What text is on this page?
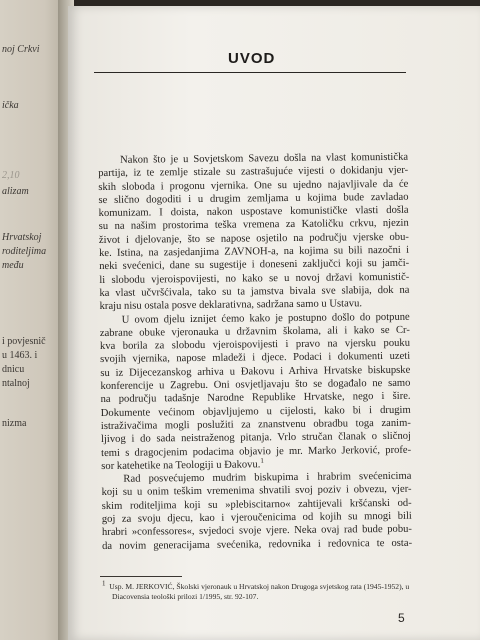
noj Crkvi
ička
2,10
alizam
Hrvatskoj
roditeljima
među
i povjesnič
u 1463. i
dnicu
ntalnoj
nizma
UVOD

Nakon što je u Sovjetskom Savezu došla na vlast komunistička
partija, iz te zemlje stizale su zastrašujuće vijesti o dokidanju vjer-
skih sloboda i progonu vjernika. One su ujedno najavljivale da će
se slično dogoditi i u drugim zemljama u kojima bude zavladao
komunizam. I doista, nakon uspostave komunističke vlasti došla
su na našim prostorima teška vremena za Katoličku crkvu, njezin
život i djelovanje, što se napose osjetilo na području vjerske obu-
ke. Istina, na zasjedanjima ZAVNOH-a, na kojima su bili nazočni i
neki svećenici, dane su sugestije i doneseni zaključci koji su jamči-
li slobodu vjeroispovijesti, no kako se u novoj državi komunistič-
ka vlast učvršćivala, tako su ta jamstva bivala sve slabija, dok na
kraju nisu ostala posve deklarativna, sadržana samo u Ustavu.

U ovom djelu iznijet ćemo kako je postupno došlo do potpune
zabrane obuke vjeronauka u državnim školama, ali i kako se Cr-
kva borila za slobodu vjeroispovijesti i pravo na vjersku pouku
svojih vjernika, napose mladeži i djece. Podaci i dokumenti uzeti
su iz Dijecezanskog arhiva u Đakovu i Arhiva Hrvatske biskupske
konferencije u Zagrebu. Oni osvjetljavaju što se događalo ne samo
na području tadašnje Narodne Republike Hrvatske, nego i šire.
Dokumente većinom objavljujemo u cijelosti, kako bi i drugim
istraživačima mogli poslužiti za znanstvenu obradbu toga zanim-
ljivog i do sada neistraženog pitanja. Vrlo stručan članak o sličnoj
temi s dragocjenim podacima objavio je mr. Marko Jerković, profe-
sor katehetike na Teologiji u Đakovu.$^1$

Rad posvećujemo mudrim biskupima i hrabrim svećenicima
koji su u onim teškim vremenima shvatili svoj poziv i obvezu, vjer-
skim roditeljima koji su »plebiscitarno« zahtijevali kršćanski od-
goj za svoju djecu, kao i vjeroučenicima od kojih su mnogi bili
hrabri »confessores«, svjedoci svoje vjere. Neka ovaj rad bude pobu-
da novim generacijama svećenika, redovnika i redovnica te osta-

$^1$ Usp. M. JERKOVIĆ, Školski vjeronauk u Hrvatskoj nakon Drugoga svjetskog rata (1945-1952), u
Diacovensia teološki prilozi 1/1995, str. 92-107.
5
